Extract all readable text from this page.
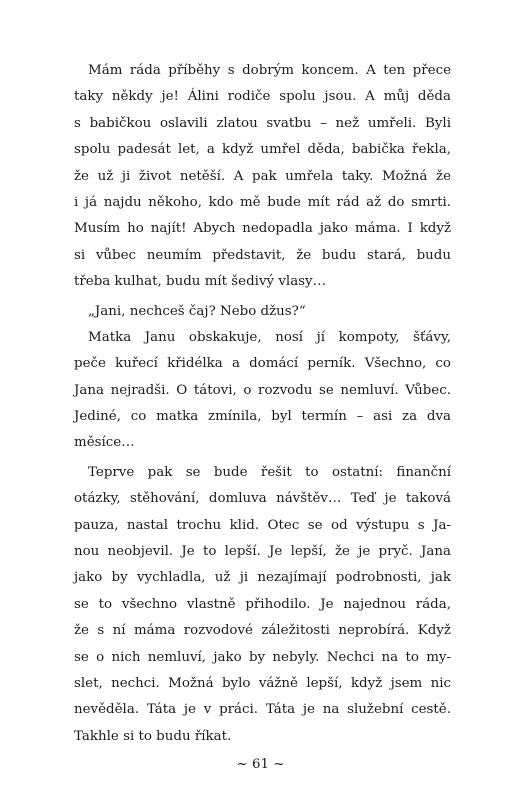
Mám ráda příběhy s dobrým koncem. A ten přece
taky někdy je! Álini rodiče spolu jsou. A můj děda
s babičkou oslavili zlatou svatbu – než umřeli. Byli
spolu padesát let, a když umřel děda, babička řekla,
že už ji život netěší. A pak umřela taky. Možná že
i já najdu někoho, kdo mě bude mít rád až do smrti.
Musím ho najít! Abych nedopadla jako máma. I když
si vůbec neumím představit, že budu stará, budu
třeba kulhat, budu mít šedivý vlasy…
„Jani, nechceš čaj? Nebo džus?“
Matka Janu obskakuje, nosí jí kompoty, šťávy,
peče kuřecí křidélka a domácí perník. Všechno, co
Jana nejradši. O tátovi, o rozvodu se nemluví. Vůbec.
Jediné, co matka zmínila, byl termín – asi za dva
měsíce…
Teprve pak se bude řešit to ostatní: finanční
otázky, stěhování, domluva návštěv… Teď je taková
pauza, nastal trochu klid. Otec se od výstupu s Ja-
nou neobjevil. Je to lepší. Je lepší, že je pryč. Jana
jako by vychladla, už ji nezajímají podrobnosti, jak
se to všechno vlastně přihodilo. Je najednou ráda,
že s ní máma rozvodové záležitosti neprobírá. Když
se o nich nemluví, jako by nebyly. Nechci na to my-
slet, nechci. Možná bylo vážně lepší, když jsem nic
nevěděla. Táta je v práci. Táta je na služební cestě.
Takhle si to budu říkat.
~ 61 ~
